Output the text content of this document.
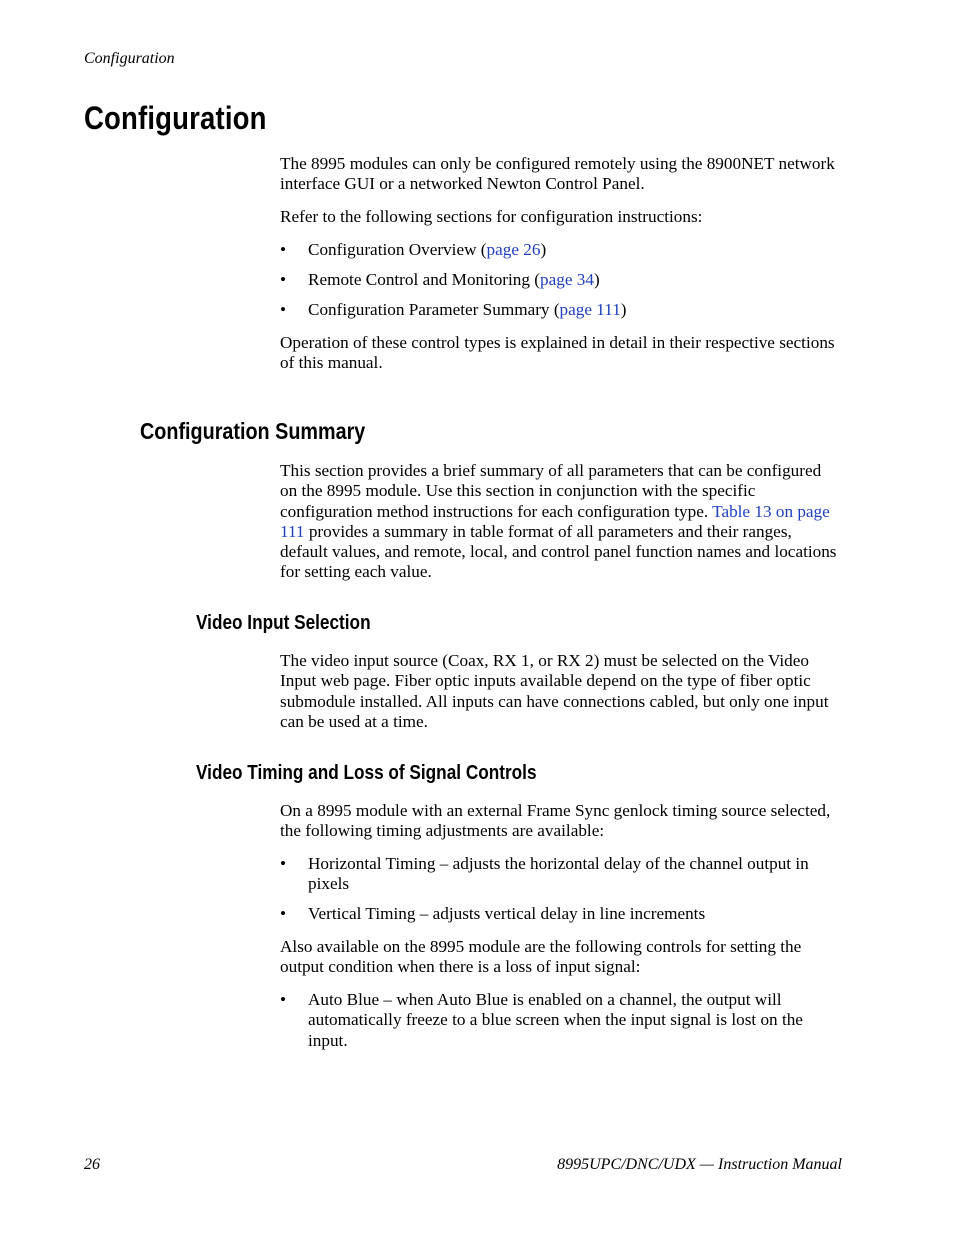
Configuration
Configuration

The 8995 modules can only be configured remotely using the 8900NET network interface GUI or a networked Newton Control Panel.

Refer to the following sections for configuration instructions:

•	Configuration Overview (page 26)
•	Remote Control and Monitoring (page 34)
•	Configuration Parameter Summary (page 111)

Operation of these control types is explained in detail in their respective sections of this manual.

Configuration Summary

This section provides a brief summary of all parameters that can be configured on the 8995 module. Use this section in conjunction with the specific configuration method instructions for each configuration type. Table 13 on page 111 provides a summary in table format of all parameters and their ranges, default values, and remote, local, and control panel function names and locations for setting each value.

Video Input Selection

The video input source (Coax, RX 1, or RX 2) must be selected on the Video Input web page. Fiber optic inputs available depend on the type of fiber optic submodule installed. All inputs can have connections cabled, but only one input can be used at a time.

Video Timing and Loss of Signal Controls

On a 8995 module with an external Frame Sync genlock timing source selected, the following timing adjustments are available:

•	Horizontal Timing – adjusts the horizontal delay of the channel output in pixels
•	Vertical Timing – adjusts vertical delay in line increments

Also available on the 8995 module are the following controls for setting the output condition when there is a loss of input signal:

•	Auto Blue – when Auto Blue is enabled on a channel, the output will automatically freeze to a blue screen when the input signal is lost on the input.
26	8995UPC/DNC/UDX — Instruction Manual
